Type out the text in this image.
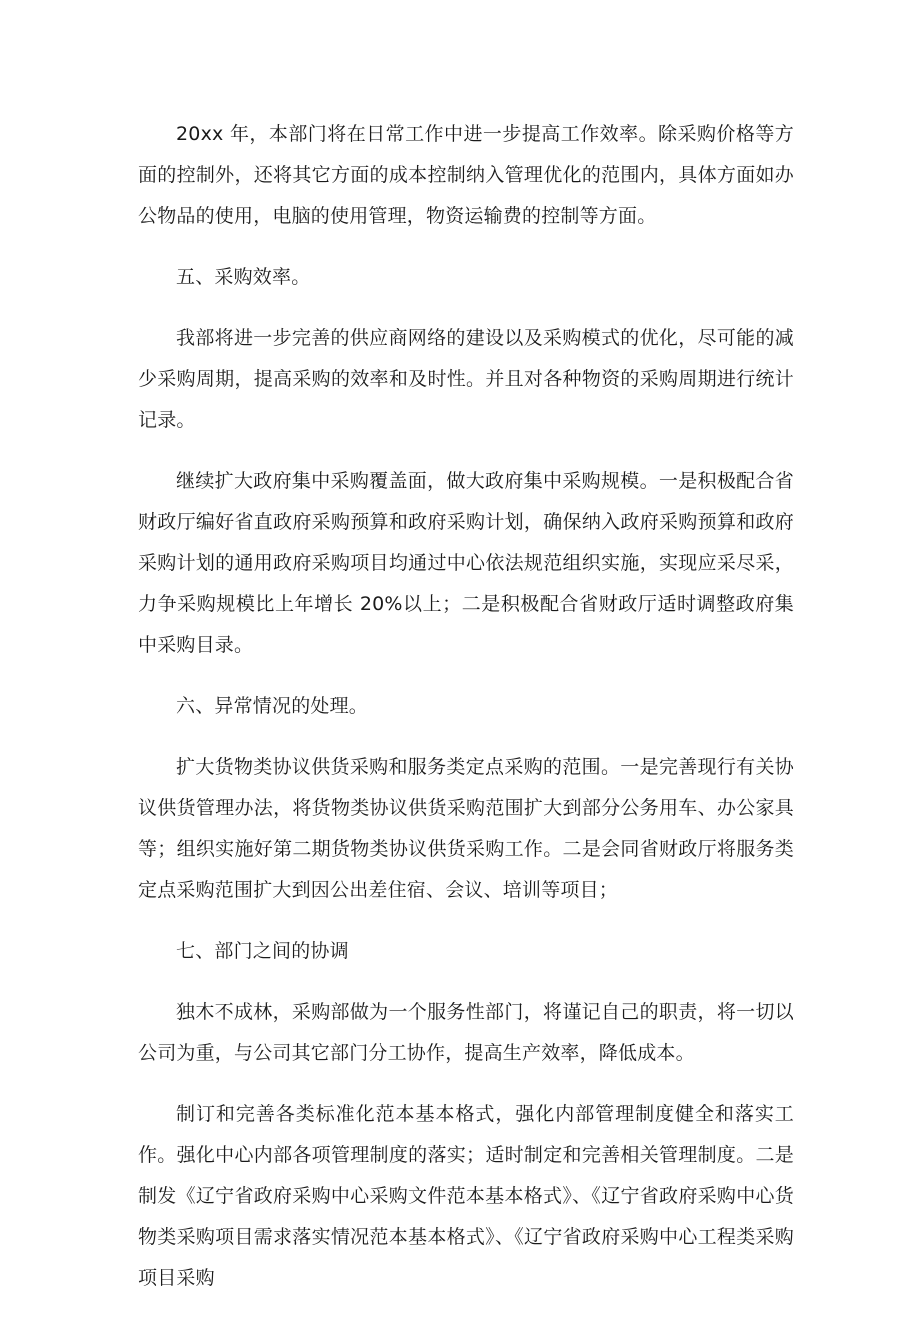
20xx 年，本部门将在日常工作中进一步提高工作效率。除采购价格等方面的控制外，还将其它方面的成本控制纳入管理优化的范围内，具体方面如办公物品的使用，电脑的使用管理，物资运输费的控制等方面。

五、采购效率。

我部将进一步完善的供应商网络的建设以及采购模式的优化，尽可能的减少采购周期，提高采购的效率和及时性。并且对各种物资的采购周期进行统计记录。

继续扩大政府集中采购覆盖面，做大政府集中采购规模。一是积极配合省财政厅编好省直政府采购预算和政府采购计划，确保纳入政府采购预算和政府采购计划的通用政府采购项目均通过中心依法规范组织实施，实现应采尽采，力争采购规模比上年增长 20%以上；二是积极配合省财政厅适时调整政府集中采购目录。

六、异常情况的处理。

扩大货物类协议供货采购和服务类定点采购的范围。一是完善现行有关协议供货管理办法，将货物类协议供货采购范围扩大到部分公务用车、办公家具等；组织实施好第二期货物类协议供货采购工作。二是会同省财政厅将服务类定点采购范围扩大到因公出差住宿、会议、培训等项目；

七、部门之间的协调

独木不成林，采购部做为一个服务性部门，将谨记自己的职责，将一切以公司为重，与公司其它部门分工协作，提高生产效率，降低成本。

制订和完善各类标准化范本基本格式，强化内部管理制度健全和落实工作。强化中心内部各项管理制度的落实；适时制定和完善相关管理制度。二是制发《辽宁省政府采购中心采购文件范本基本格式》、《辽宁省政府采购中心货物类采购项目需求落实情况范本基本格式》、《辽宁省政府采购中心工程类采购项目采购
